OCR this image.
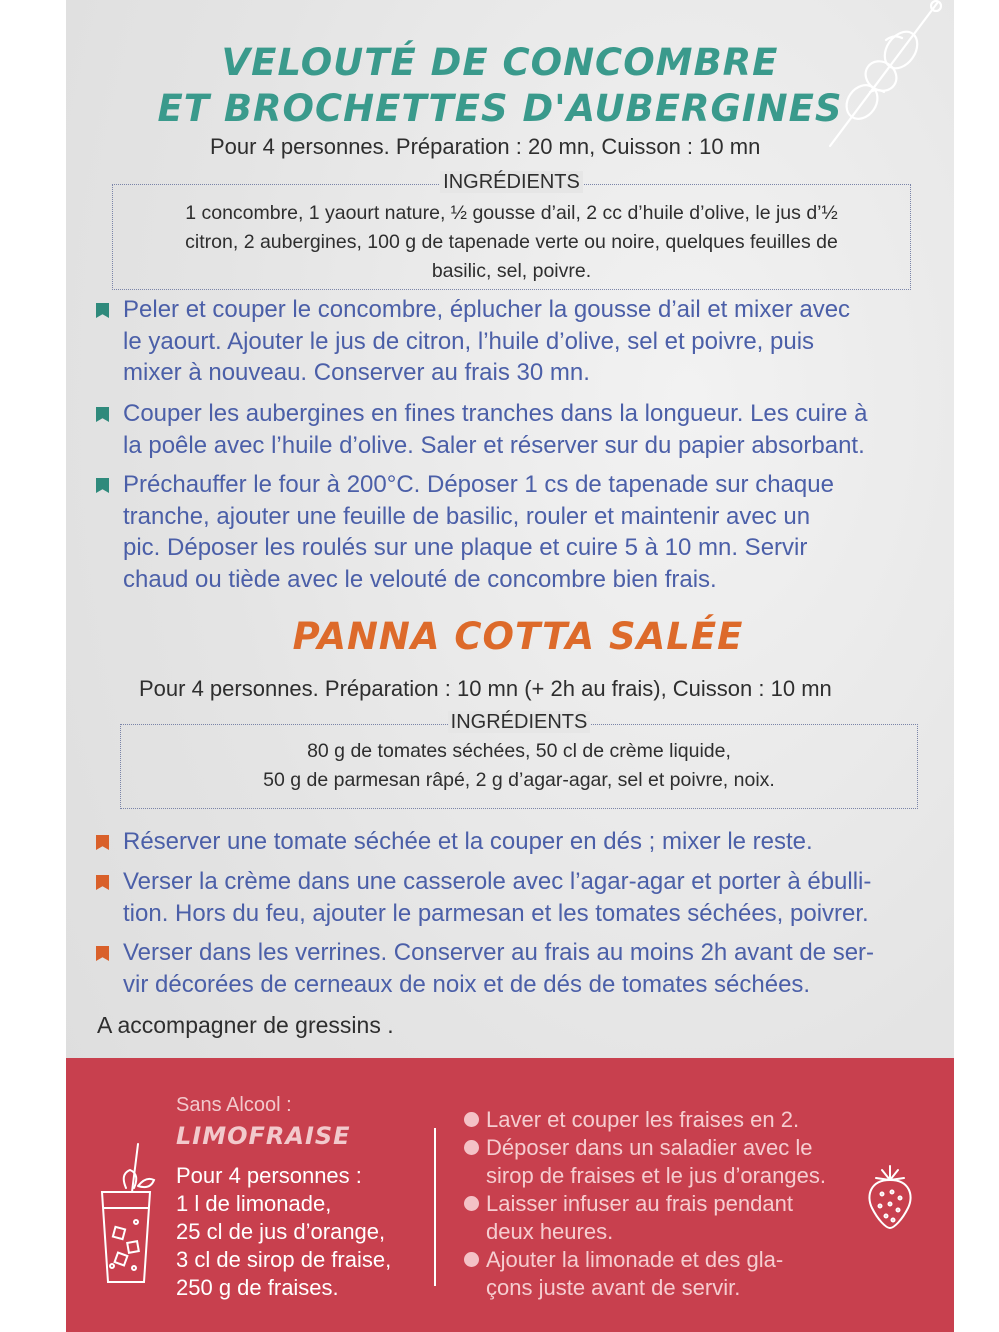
VELOUTÉ DE CONCOMBRE
ET BROCHETTES D'AUBERGINES
Pour 4 personnes. Préparation : 20 mn, Cuisson : 10 mn
INGRÉDIENTS
1 concombre, 1 yaourt nature, ½ gousse d’ail, 2 cc d’huile d’olive, le jus d’½
citron, 2 aubergines, 100 g de tapenade verte ou noire, quelques feuilles de
basilic, sel, poivre.
Peler et couper le concombre, éplucher la gousse d’ail et mixer avec
le yaourt. Ajouter le jus de citron, l’huile d’olive, sel et poivre, puis
mixer à nouveau. Conserver au frais 30 mn.
Couper les aubergines en fines tranches dans la longueur. Les cuire à
la poêle avec l’huile d’olive. Saler et réserver sur du papier absorbant.
Préchauffer le four à 200°C. Déposer 1 cs de tapenade sur chaque
tranche, ajouter une feuille de basilic, rouler et maintenir avec un
pic. Déposer les roulés sur une plaque et cuire 5 à 10 mn. Servir
chaud ou tiède avec le velouté de concombre bien frais.
PANNA COTTA SALÉE
Pour 4 personnes. Préparation : 10 mn (+ 2h au frais), Cuisson : 10 mn
INGRÉDIENTS
80 g de tomates séchées, 50 cl de crème liquide,
50 g de parmesan râpé, 2 g d’agar-agar, sel et poivre, noix.
Réserver une tomate séchée et la couper en dés ; mixer le reste.
Verser la crème dans une casserole avec l’agar-agar et porter à ébulli-
tion. Hors du feu, ajouter le parmesan et les tomates séchées, poivrer.
Verser dans les verrines. Conserver au frais au moins 2h avant de ser-
vir décorées de cerneaux de noix et de dés de tomates séchées.
A accompagner de gressins .
Sans Alcool :
LIMOFRAISE
Pour 4 personnes :
1 l de limonade,
25 cl de jus d’orange,
3 cl de sirop de fraise,
250 g de fraises.
Laver et couper les fraises en 2.
Déposer dans un saladier avec le
sirop de fraises et le jus d’oranges.
Laisser infuser au frais pendant
deux heures.
Ajouter la limonade et des gla-
çons juste avant de servir.
